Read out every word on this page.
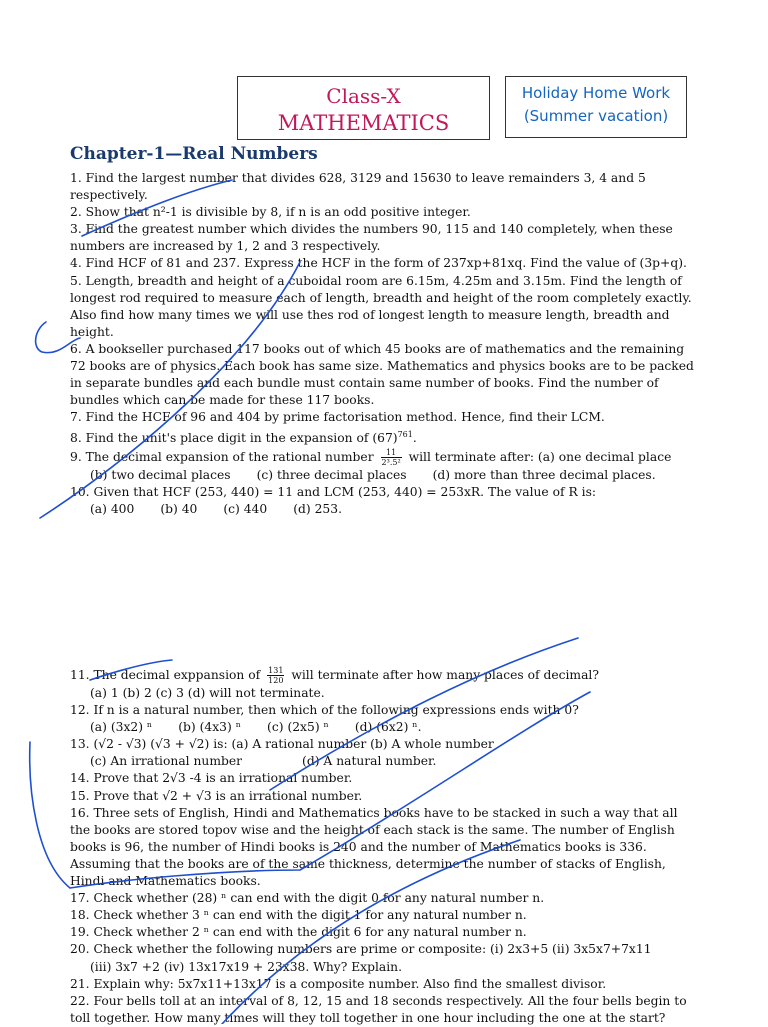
Class-X
MATHEMATICS
Holiday Home Work
(Summer vacation)
Chapter-1—Real Numbers

1. Find the largest number that divides 628, 3129 and 15630 to leave remainders 3, 4 and 5 respectively.

2. Show that n²-1 is divisible by 8, if n is an odd positive integer.

3. Find the greatest number which divides the numbers 90, 115 and 140 completely, when these numbers are increased by 1, 2 and 3 respectively.

4. Find HCF of 81 and 237. Express the HCF in the form of 237xp+81xq. Find the value of (3p+q).

5. Length, breadth and height of a cuboidal room are 6.15m, 4.25m and 3.15m. Find the length of longest rod required to measure each of length, breadth and height of the room completely exactly. Also find how many times we will use thes rod of longest length to measure length, breadth and height.

6. A bookseller purchased 117 books out of which 45 books are of mathematics and the remaining 72 books are of physics. Each book has same size. Mathematics and physics books are to be packed in separate bundles and each bundle must contain same number of books. Find the number of bundles which can be made for these 117 books.

7. Find the HCF of 96 and 404 by prime factorisation method. Hence, find their LCM.

8. Find the unit's place digit in the expansion of $(67)^{761}$.

9. The decimal expansion of the rational number $\frac{11}{\text{2³.5²}}$ will terminate after: (a) one decimal place

(b) two decimal places (c) three decimal places (d) more than three decimal places.

10. Given that HCF (253, 440) = 11 and LCM (253, 440) = 253xR. The value of R is:

(a) 400 (b) 40 (c) 440 (d) 253.

11. The decimal exppansion of $\frac{131}{120}$ will terminate after how many places of decimal?

(a) 1 (b) 2 (c) 3 (d) will not terminate.

12. If n is a natural number, then which of the following expressions ends with 0?

(a) (3x2) ⁿ (b) (4x3) ⁿ (c) (2x5) ⁿ (d) (6x2) ⁿ.

13. (√2 - √3) (√3 + √2) is: (a) A rational number (b) A whole number

(c) An irrational number	(d) A natural number.

14. Prove that 2√3 -4 is an irrational number.

15. Prove that √2 + √3 is an irrational number.

16. Three sets of English, Hindi and Mathematics books have to be stacked in such a way that all the books are stored topov wise and the height of each stack is the same. The number of English books is 96, the number of Hindi books is 240 and the number of Mathematics books is 336. Assuming that the books are of the same thickness, determine the number of stacks of English, Hindi and Mathematics books.

17. Check whether (28) ⁿ can end with the digit 0 for any natural number n.

18. Check whether 3 ⁿ can end with the digit 1 for any natural number n.

19. Check whether 2 ⁿ can end with the digit 6 for any natural number n.

20. Check whether the following numbers are prime or composite: (i) 2x3+5 (ii) 3x5x7+7x11

(iii) 3x7 +2 (iv) 13x17x19 + 23x38. Why? Explain.

21. Explain why: 5x7x11+13x17 is a composite number. Also find the smallest divisor.

22. Four bells toll at an interval of 8, 12, 15 and 18 seconds respectively. All the four bells begin to toll together. How many times will they toll together in one hour including the one at the start?
